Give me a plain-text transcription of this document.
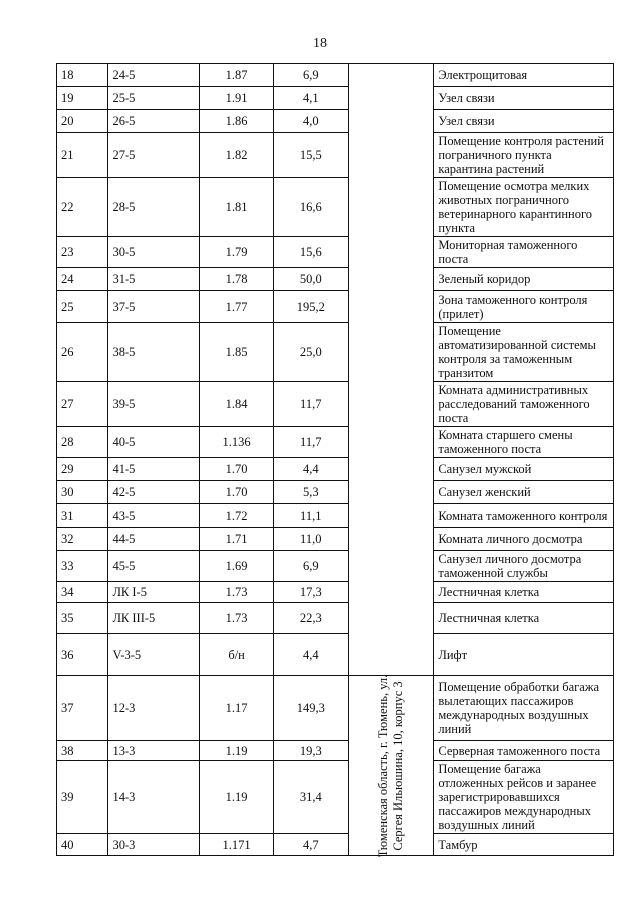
18
18	24-5	1.87	6,9		Электрощитовая
19	25-5	1.91	4,1		Узел связи
20	26-5	1.86	4,0		Узел связи
21	27-5	1.82	15,5		Помещение контроля растений пограничного пункта карантина растений
22	28-5	1.81	16,6		Помещение осмотра мелких животных пограничного ветеринарного карантинного пункта
23	30-5	1.79	15,6		Мониторная таможенного поста
24	31-5	1.78	50,0		Зеленый коридор
25	37-5	1.77	195,2		Зона таможенного контроля (прилет)
26	38-5	1.85	25,0		Помещение автоматизированной системы контроля за таможенным транзитом
27	39-5	1.84	11,7		Комната административных расследований таможенного поста
28	40-5	1.136	11,7		Комната старшего смены таможенного поста
29	41-5	1.70	4,4		Санузел мужской
30	42-5	1.70	5,3		Санузел женский
31	43-5	1.72	11,1		Комната таможенного контроля
32	44-5	1.71	11,0		Комната личного досмотра
33	45-5	1.69	6,9		Санузел личного досмотра таможенной службы
34	ЛК I-5	1.73	17,3		Лестничная клетка
35	ЛК III-5	1.73	22,3		Лестничная клетка
36	V-3-5	б/н	4,4		Лифт
37	12-3	1.17	149,3	Тюменская область, г. Тюмень, ул. Сергея Ильюшина, 10, корпус 3	Помещение обработки багажа вылетающих пассажиров международных воздушных линий
38	13-3	1.19	19,3		Серверная таможенного поста
39	14-3	1.19	31,4		Помещение багажа отложенных рейсов и заранее зарегистрировавшихся пассажиров международных воздушных линий
40	30-3	1.171	4,7		Тамбур
